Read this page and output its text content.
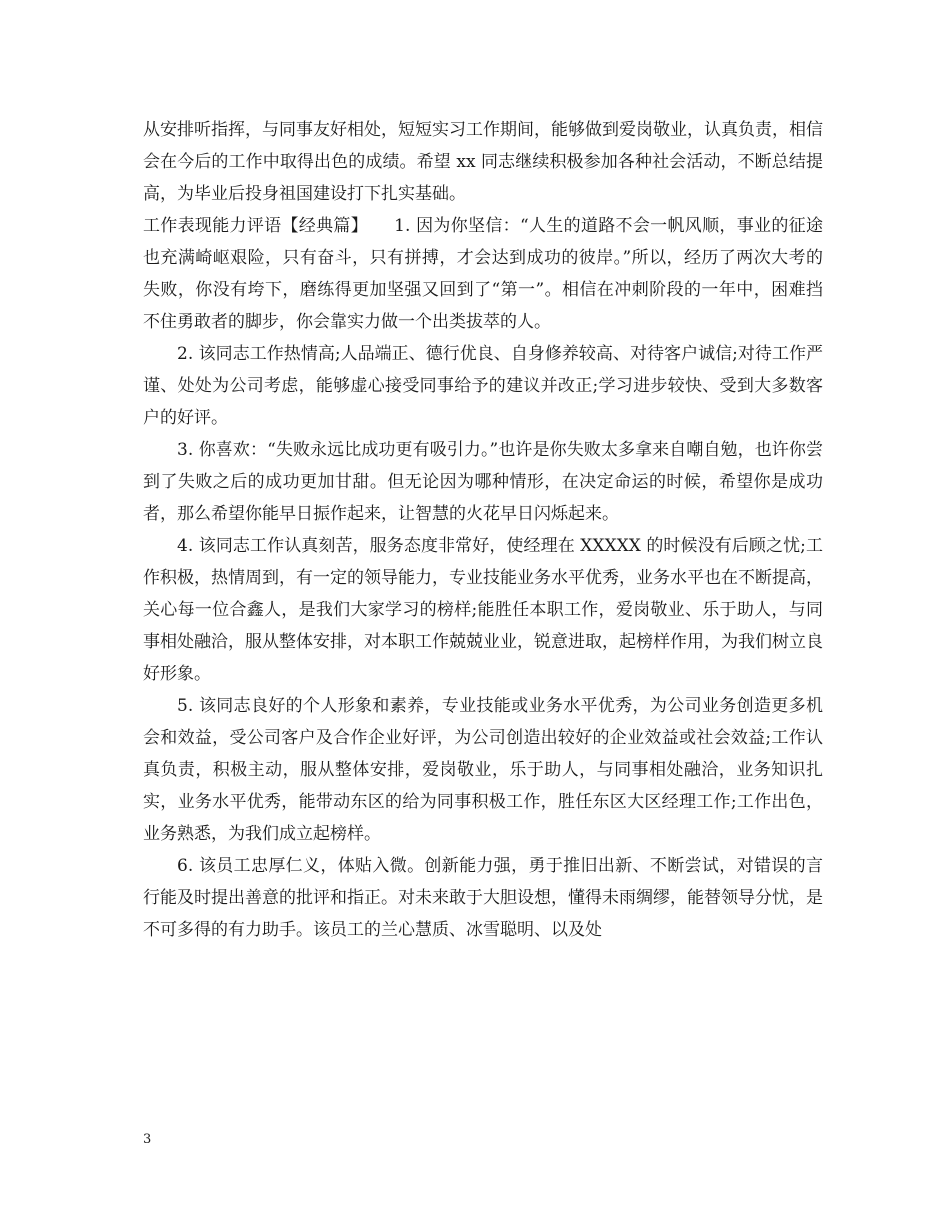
从安排听指挥，与同事友好相处，短短实习工作期间，能够做到爱岗敬业，认真负责，相信会在今后的工作中取得出色的成绩。希望 xx 同志继续积极参加各种社会活动，不断总结提高，为毕业后投身祖国建设打下扎实基础。

工作表现能力评语【经典篇】　　1. 因为你坚信：“人生的道路不会一帆风顺，事业的征途也充满崎岖艰险，只有奋斗，只有拼搏，才会达到成功的彼岸。”所以，经历了两次大考的失败，你没有垮下，磨练得更加坚强又回到了“第一”。相信在冲刺阶段的一年中，困难挡不住勇敢者的脚步，你会靠实力做一个出类拔萃的人。

2. 该同志工作热情高;人品端正、德行优良、自身修养较高、对待客户诚信;对待工作严谨、处处为公司考虑，能够虚心接受同事给予的建议并改正;学习进步较快、受到大多数客户的好评。

3. 你喜欢：“失败永远比成功更有吸引力。”也许是你失败太多拿来自嘲自勉，也许你尝到了失败之后的成功更加甘甜。但无论因为哪种情形，在决定命运的时候，希望你是成功者，那么希望你能早日振作起来，让智慧的火花早日闪烁起来。

4. 该同志工作认真刻苦，服务态度非常好，使经理在 XXXXX 的时候没有后顾之忧;工作积极，热情周到，有一定的领导能力，专业技能业务水平优秀，业务水平也在不断提高，关心每一位合鑫人，是我们大家学习的榜样;能胜任本职工作，爱岗敬业、乐于助人，与同事相处融洽，服从整体安排，对本职工作兢兢业业，锐意进取，起榜样作用，为我们树立良好形象。

5. 该同志良好的个人形象和素养，专业技能或业务水平优秀，为公司业务创造更多机会和效益，受公司客户及合作企业好评，为公司创造出较好的企业效益或社会效益;工作认真负责，积极主动，服从整体安排，爱岗敬业，乐于助人，与同事相处融洽，业务知识扎实，业务水平优秀，能带动东区的给为同事积极工作，胜任东区大区经理工作;工作出色，业务熟悉，为我们成立起榜样。

6. 该员工忠厚仁义，体贴入微。创新能力强，勇于推旧出新、不断尝试，对错误的言行能及时提出善意的批评和指正。对未来敢于大胆设想，懂得未雨绸缪，能替领导分忧，是不可多得的有力助手。该员工的兰心慧质、冰雪聪明、以及处

3
